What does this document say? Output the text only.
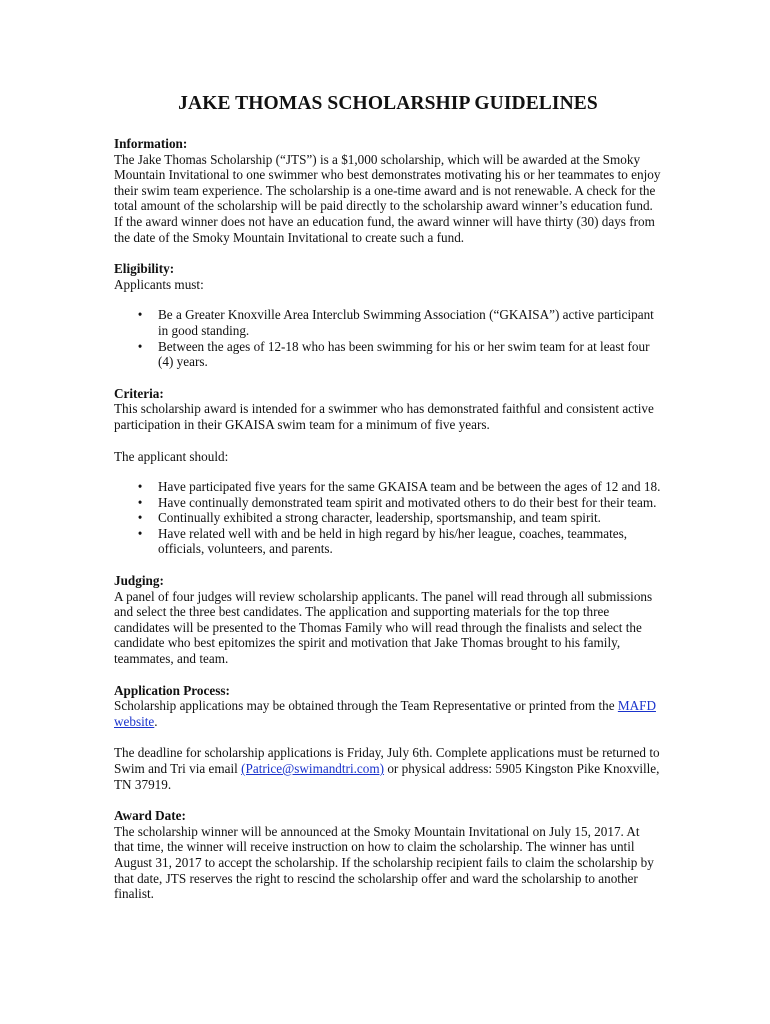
JAKE THOMAS SCHOLARSHIP GUIDELINES
Information:

The Jake Thomas Scholarship (“JTS”) is a $1,000 scholarship, which will be awarded at the Smoky Mountain Invitational to one swimmer who best demonstrates motivating his or her teammates to enjoy their swim team experience. The scholarship is a one-time award and is not renewable. A check for the total amount of the scholarship will be paid directly to the scholarship award winner’s education fund. If the award winner does not have an education fund, the award winner will have thirty (30) days from the date of the Smoky Mountain Invitational to create such a fund.

Eligibility:

Applicants must:

• Be a Greater Knoxville Area Interclub Swimming Association (“GKAISA”) active participant in good standing.
• Between the ages of 12-18 who has been swimming for his or her swim team for at least four (4) years.
Criteria:

This scholarship award is intended for a swimmer who has demonstrated faithful and consistent active participation in their GKAISA swim team for a minimum of five years.

The applicant should:

• Have participated five years for the same GKAISA team and be between the ages of 12 and 18.
• Have continually demonstrated team spirit and motivated others to do their best for their team.
• Continually exhibited a strong character, leadership, sportsmanship, and team spirit.
• Have related well with and be held in high regard by his/her league, coaches, teammates, officials, volunteers, and parents.
Judging:

A panel of four judges will review scholarship applicants. The panel will read through all submissions and select the three best candidates. The application and supporting materials for the top three candidates will be presented to the Thomas Family who will read through the finalists and select the candidate who best epitomizes the spirit and motivation that Jake Thomas brought to his family, teammates, and team.

Application Process:

Scholarship applications may be obtained through the Team Representative or printed from the MAFD website.

The deadline for scholarship applications is Friday, July 6th. Complete applications must be returned to Swim and Tri via email (Patrice@swimandtri.com) or physical address: 5905 Kingston Pike Knoxville, TN 37919.

Award Date:

The scholarship winner will be announced at the Smoky Mountain Invitational on July 15, 2017. At that time, the winner will receive instruction on how to claim the scholarship. The winner has until August 31, 2017 to accept the scholarship. If the scholarship recipient fails to claim the scholarship by that date, JTS reserves the right to rescind the scholarship offer and ward the scholarship to another finalist.
